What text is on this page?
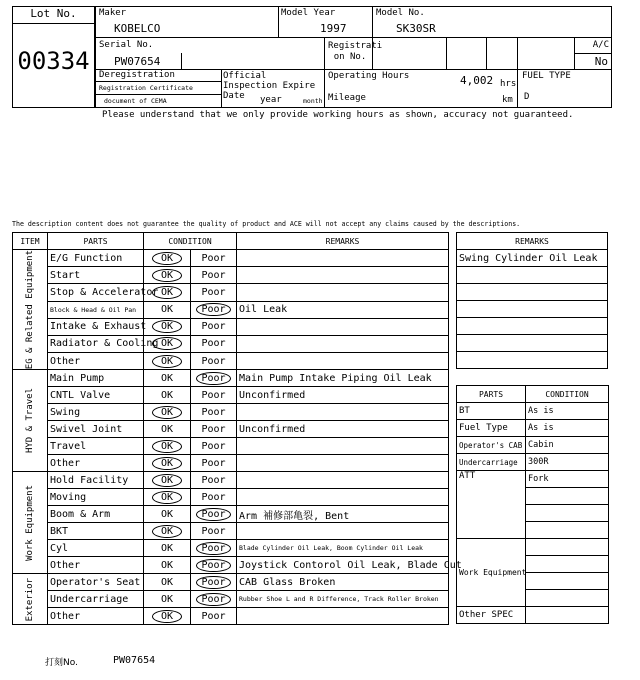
Lot No.
00334
Maker
KOBELCO
Model Year
1997
Model No.
SK30SR
Serial No.
PW07654
Registrati on No.
A/C
No
Deregistration
Registration Certificate
document of CEMA
Official Inspection Expire Date	year	month
Operating Hours	4,002 hrs
Mileage	km
FUEL TYPE
D
Please understand that we only provide working hours as shown, accuracy not guaranteed.
The description content does not guarantee the quality of product and ACE will not accept any claims caused by the descriptions.
ITEM	PARTS	CONDITION		REMARKS

EG & Related Equipment	E/G Function	OK	Poor	
	Start	OK	Poor	
	Stop & Accelerator	OK	Poor	
	Block & Head & Oil Pan	OK	Poor	Oil Leak
	Intake & Exhaust	OK	Poor	
	Radiator & Cooling	OK	Poor	
	Other	OK	Poor	

HYD & Travel	Main Pump	OK	Poor	Main Pump Intake Piping Oil Leak
	CNTL Valve	OK	Poor	Unconfirmed
	Swing	OK	Poor	
	Swivel Joint	OK	Poor	Unconfirmed
	Travel	OK	Poor	
	Other	OK	Poor	

Work Equipment	Hold Facility	OK	Poor	
	Moving	OK	Poor	
	Boom & Arm	OK	Poor	Arm 補修部亀裂, Bent
	BKT	OK	Poor	
	Cyl	OK	Poor	Blade Cylinder Oil Leak, Boom Cylinder Oil Leak
	Other	OK	Poor	Joystick Contorol Oil Leak, Blade Cut

Exterior	Operator's Seat	OK	Poor	CAB Glass Broken
	Undercarriage	OK	Poor	Rubber Shoe L and R Difference, Track Roller Broken
	Other	OK	Poor	
REMARKS
Swing Cylinder Oil Leak

PARTS	CONDITION
BT	As is
Fuel Type	As is
Operator's CAB	Cabin
Undercarriage	300R
ATT	Fork

Work Equipment	

Other SPEC	
打刻No.	PW07654
